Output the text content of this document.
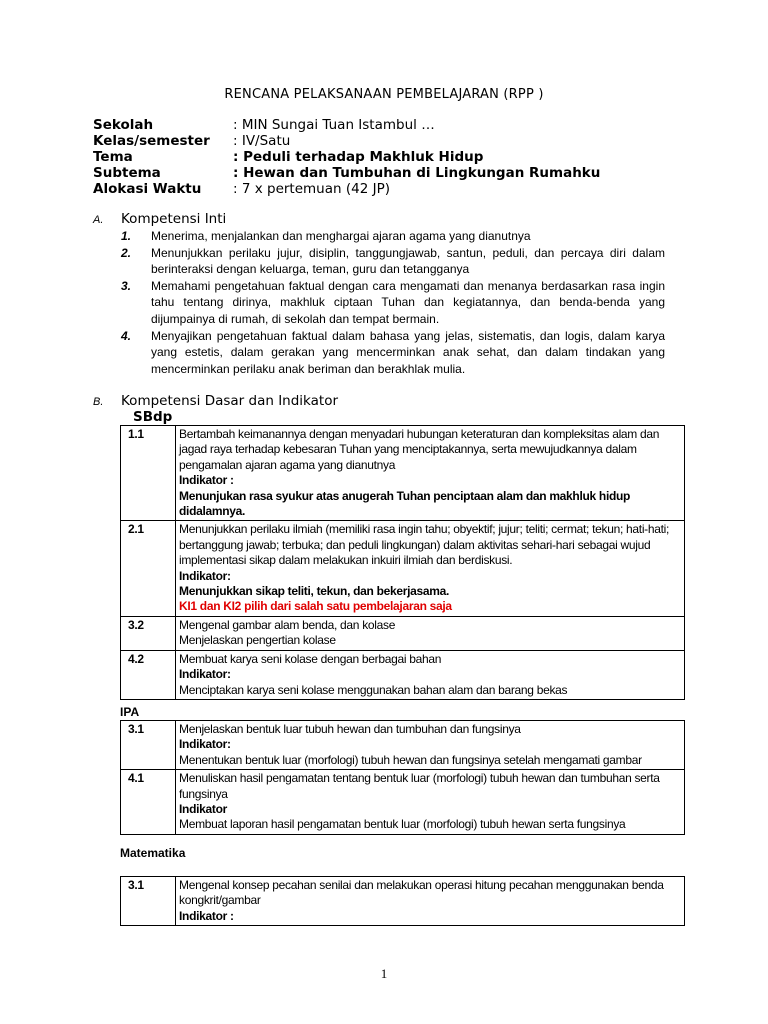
RENCANA PELAKSANAAN PEMBELAJARAN (RPP )
Sekolah	: MIN Sungai Tuan Istambul …
Kelas/semester	: IV/Satu
Tema	: Peduli terhadap Makhluk Hidup
Subtema	: Hewan dan Tumbuhan di Lingkungan Rumahku
Alokasi Waktu	: 7 x pertemuan (42 JP)
A. Kompetensi Inti
1.	Menerima, menjalankan dan menghargai ajaran agama yang dianutnya
2.	Menunjukkan perilaku jujur, disiplin, tanggungjawab, santun, peduli, dan percaya diri dalam berinteraksi dengan keluarga, teman, guru dan tetangganya
3.	Memahami pengetahuan faktual dengan cara mengamati dan menanya berdasarkan rasa ingin tahu tentang dirinya, makhluk ciptaan Tuhan dan kegiatannya, dan benda-benda yang dijumpainya di rumah, di sekolah dan tempat bermain.
4.	Menyajikan pengetahuan faktual dalam bahasa yang jelas, sistematis, dan logis, dalam karya yang estetis, dalam gerakan yang mencerminkan anak sehat, dan dalam tindakan yang mencerminkan perilaku anak beriman dan berakhlak mulia.
B. Kompetensi Dasar dan Indikator
SBdp
1.1	Bertambah keimanannya dengan menyadari hubungan keteraturan dan kompleksitas alam dan jagad raya terhadap kebesaran Tuhan yang menciptakannya, serta mewujudkannya dalam pengamalan ajaran agama yang dianutnya
Indikator :
Menunjukan rasa syukur atas anugerah Tuhan penciptaan alam dan makhluk hidup didalamnya.

2.1	Menunjukkan perilaku ilmiah (memiliki rasa ingin tahu; obyektif; jujur; teliti; cermat; tekun; hati-hati; bertanggung jawab; terbuka; dan peduli lingkungan) dalam aktivitas sehari-hari sebagai wujud implementasi sikap dalam melakukan inkuiri ilmiah dan berdiskusi.
Indikator:
Menunjukkan sikap teliti, tekun, dan bekerjasama.
KI1 dan KI2 pilih dari salah satu pembelajaran saja

3.2	Mengenal gambar alam benda, dan kolase
Menjelaskan pengertian kolase

4.2	Membuat karya seni kolase dengan berbagai bahan
Indikator:
Menciptakan karya seni kolase menggunakan bahan alam dan barang bekas
IPA
3.1	Menjelaskan bentuk luar tubuh hewan dan tumbuhan dan fungsinya
Indikator:
Menentukan bentuk luar (morfologi) tubuh hewan dan fungsinya setelah mengamati gambar

4.1	Menuliskan hasil pengamatan tentang bentuk luar (morfologi) tubuh hewan dan tumbuhan serta fungsinya
Indikator
Membuat laporan hasil pengamatan bentuk luar (morfologi) tubuh hewan serta fungsinya
Matematika
3.1	Mengenal konsep pecahan senilai dan melakukan operasi hitung pecahan menggunakan benda kongkrit/gambar
Indikator :
1
